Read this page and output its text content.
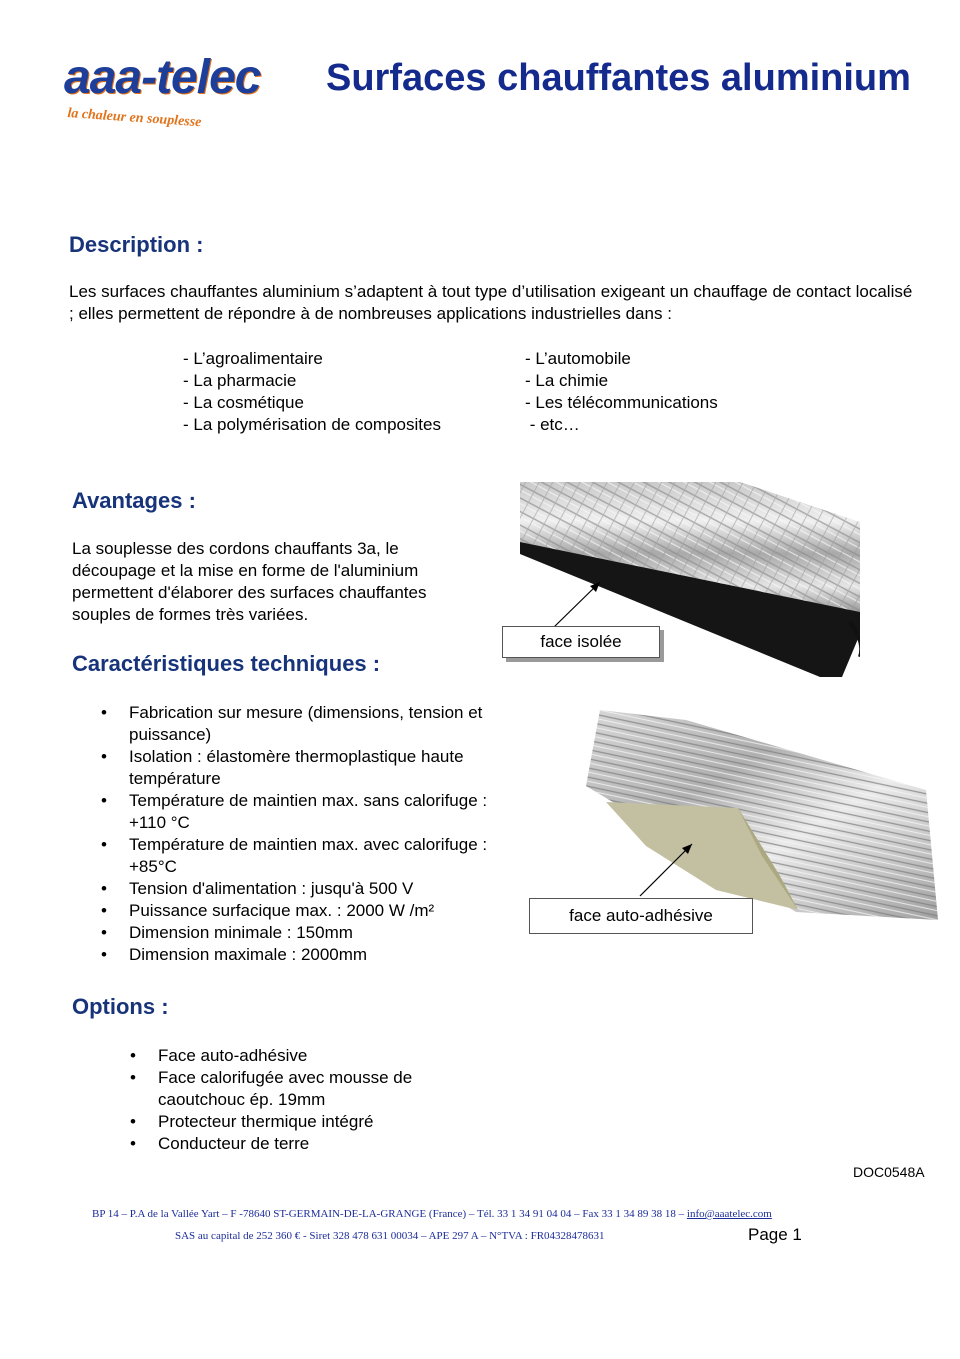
aaa-telec
la chaleur en souplesse
Surfaces chauffantes aluminium
Description :

Les surfaces chauffantes aluminium s’adaptent à tout type d’utilisation exigeant un chauffage de contact localisé ; elles permettent de répondre à de nombreuses applications industrielles dans :

- L’agroalimentaire
- La pharmacie
- La cosmétique
- La polymérisation de composites
- L’automobile
- La chimie
- Les télécommunications
- etc…
Avantages :

La souplesse des cordons chauffants 3a, le découpage et la mise en forme de l'aluminium permettent d'élaborer des surfaces chauffantes souples de formes très variées.

Caractéristiques techniques :
• Fabrication sur mesure (dimensions, tension et puissance)
• Isolation : élastomère thermoplastique haute température
• Température de maintien max. sans calorifuge : +110 °C
• Température de maintien max. avec calorifuge : +85°C
• Tension d'alimentation : jusqu'à 500 V
• Puissance surfacique max. : 2000 W /m²
• Dimension minimale : 150mm
• Dimension maximale : 2000mm
Options :
• Face auto-adhésive
• Face calorifugée avec mousse de caoutchouc ép. 19mm
• Protecteur thermique intégré
• Conducteur de terre
face isolée
face auto-adhésive
DOC0548A
BP 14 – P.A de la Vallée Yart – F -78640 ST-GERMAIN-DE-LA-GRANGE (France) – Tél. 33 1 34 91 04 04 – Fax 33 1 34 89 38 18 – info@aaatelec.com
SAS au capital de 252 360 € - Siret 328 478 631 00034 – APE 297 A – N°TVA : FR04328478631	Page 1
